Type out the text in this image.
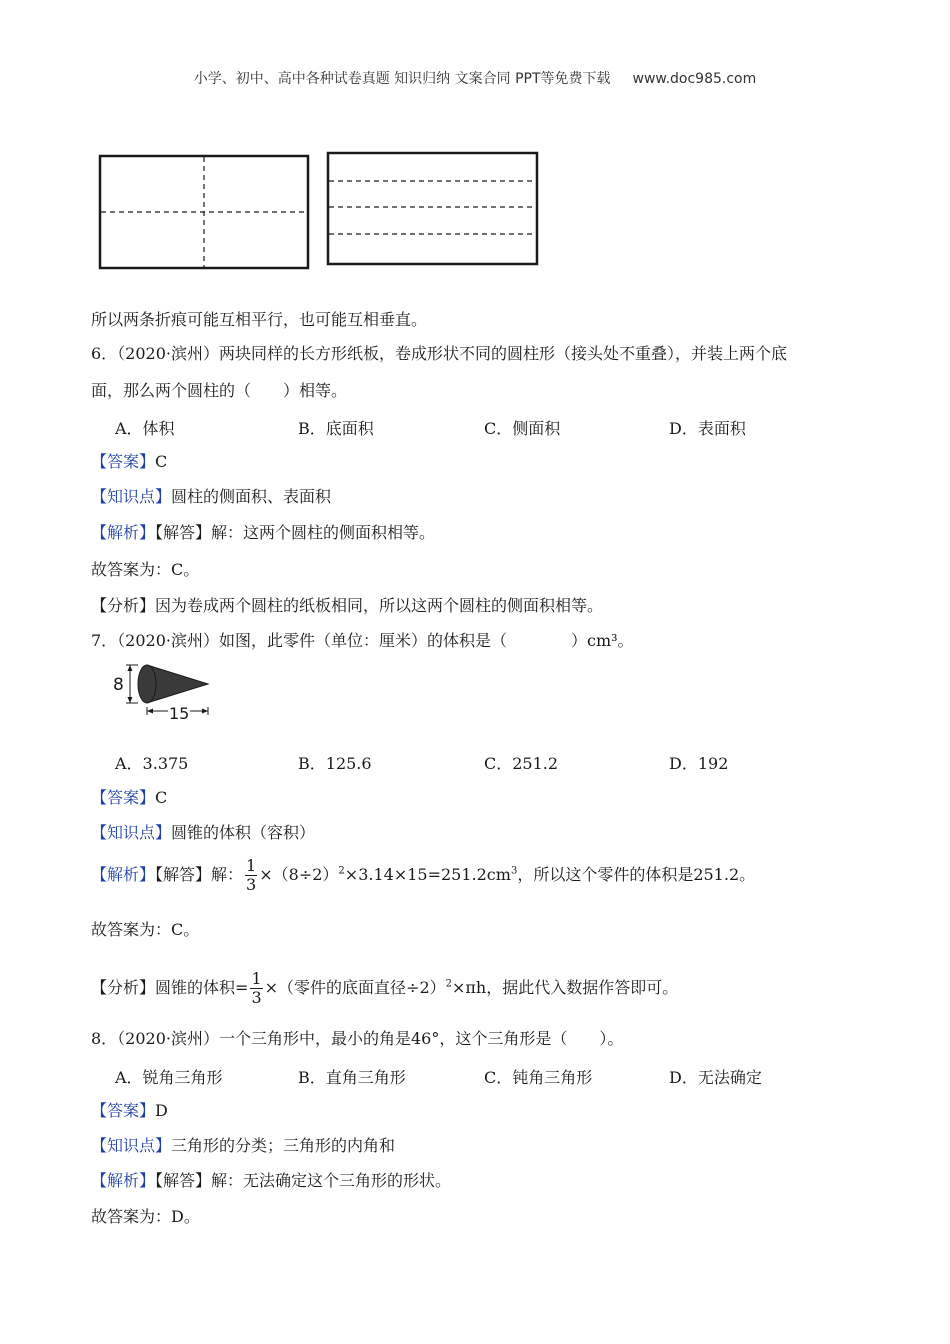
小学、初中、高中各种试卷真题 知识归纳 文案合同 PPT等免费下载 www.doc985.com
所以两条折痕可能互相平行，也可能互相垂直。
6．（2020·滨州）两块同样的长方形纸板，卷成形状不同的圆柱形（接头处不重叠），并装上两个底
面，那么两个圆柱的（　　）相等。
A．体积	B．底面积	C．侧面积	D．表面积
【答案】C
【知识点】圆柱的侧面积、表面积
【解析】【解答】解：这两个圆柱的侧面积相等。
故答案为：C。
【分析】因为卷成两个圆柱的纸板相同，所以这两个圆柱的侧面积相等。
7．（2020·滨州）如图，此零件（单位：厘米）的体积是（　　　　）cm³。
8
15
A．3.375	B．125.6	C．251.2	D．192
【答案】C
【知识点】圆锥的体积（容积）
【解析】【解答】解： $\frac{1}{3} \times(8\div 2)^2\times 3.14\times 15=251.2cm^3$，所以这个零件的体积是251.2。
故答案为：C。
【分析】圆锥的体积= $\frac{1}{3}$ ×（零件的底面直径÷2）$^2$×πh，据此代入数据作答即可。
8．（2020·滨州）一个三角形中，最小的角是46°，这个三角形是（　　）。
A．锐角三角形	B．直角三角形	C．钝角三角形	D．无法确定
【答案】D
【知识点】三角形的分类；三角形的内角和
【解析】【解答】解：无法确定这个三角形的形状。
故答案为：D。
